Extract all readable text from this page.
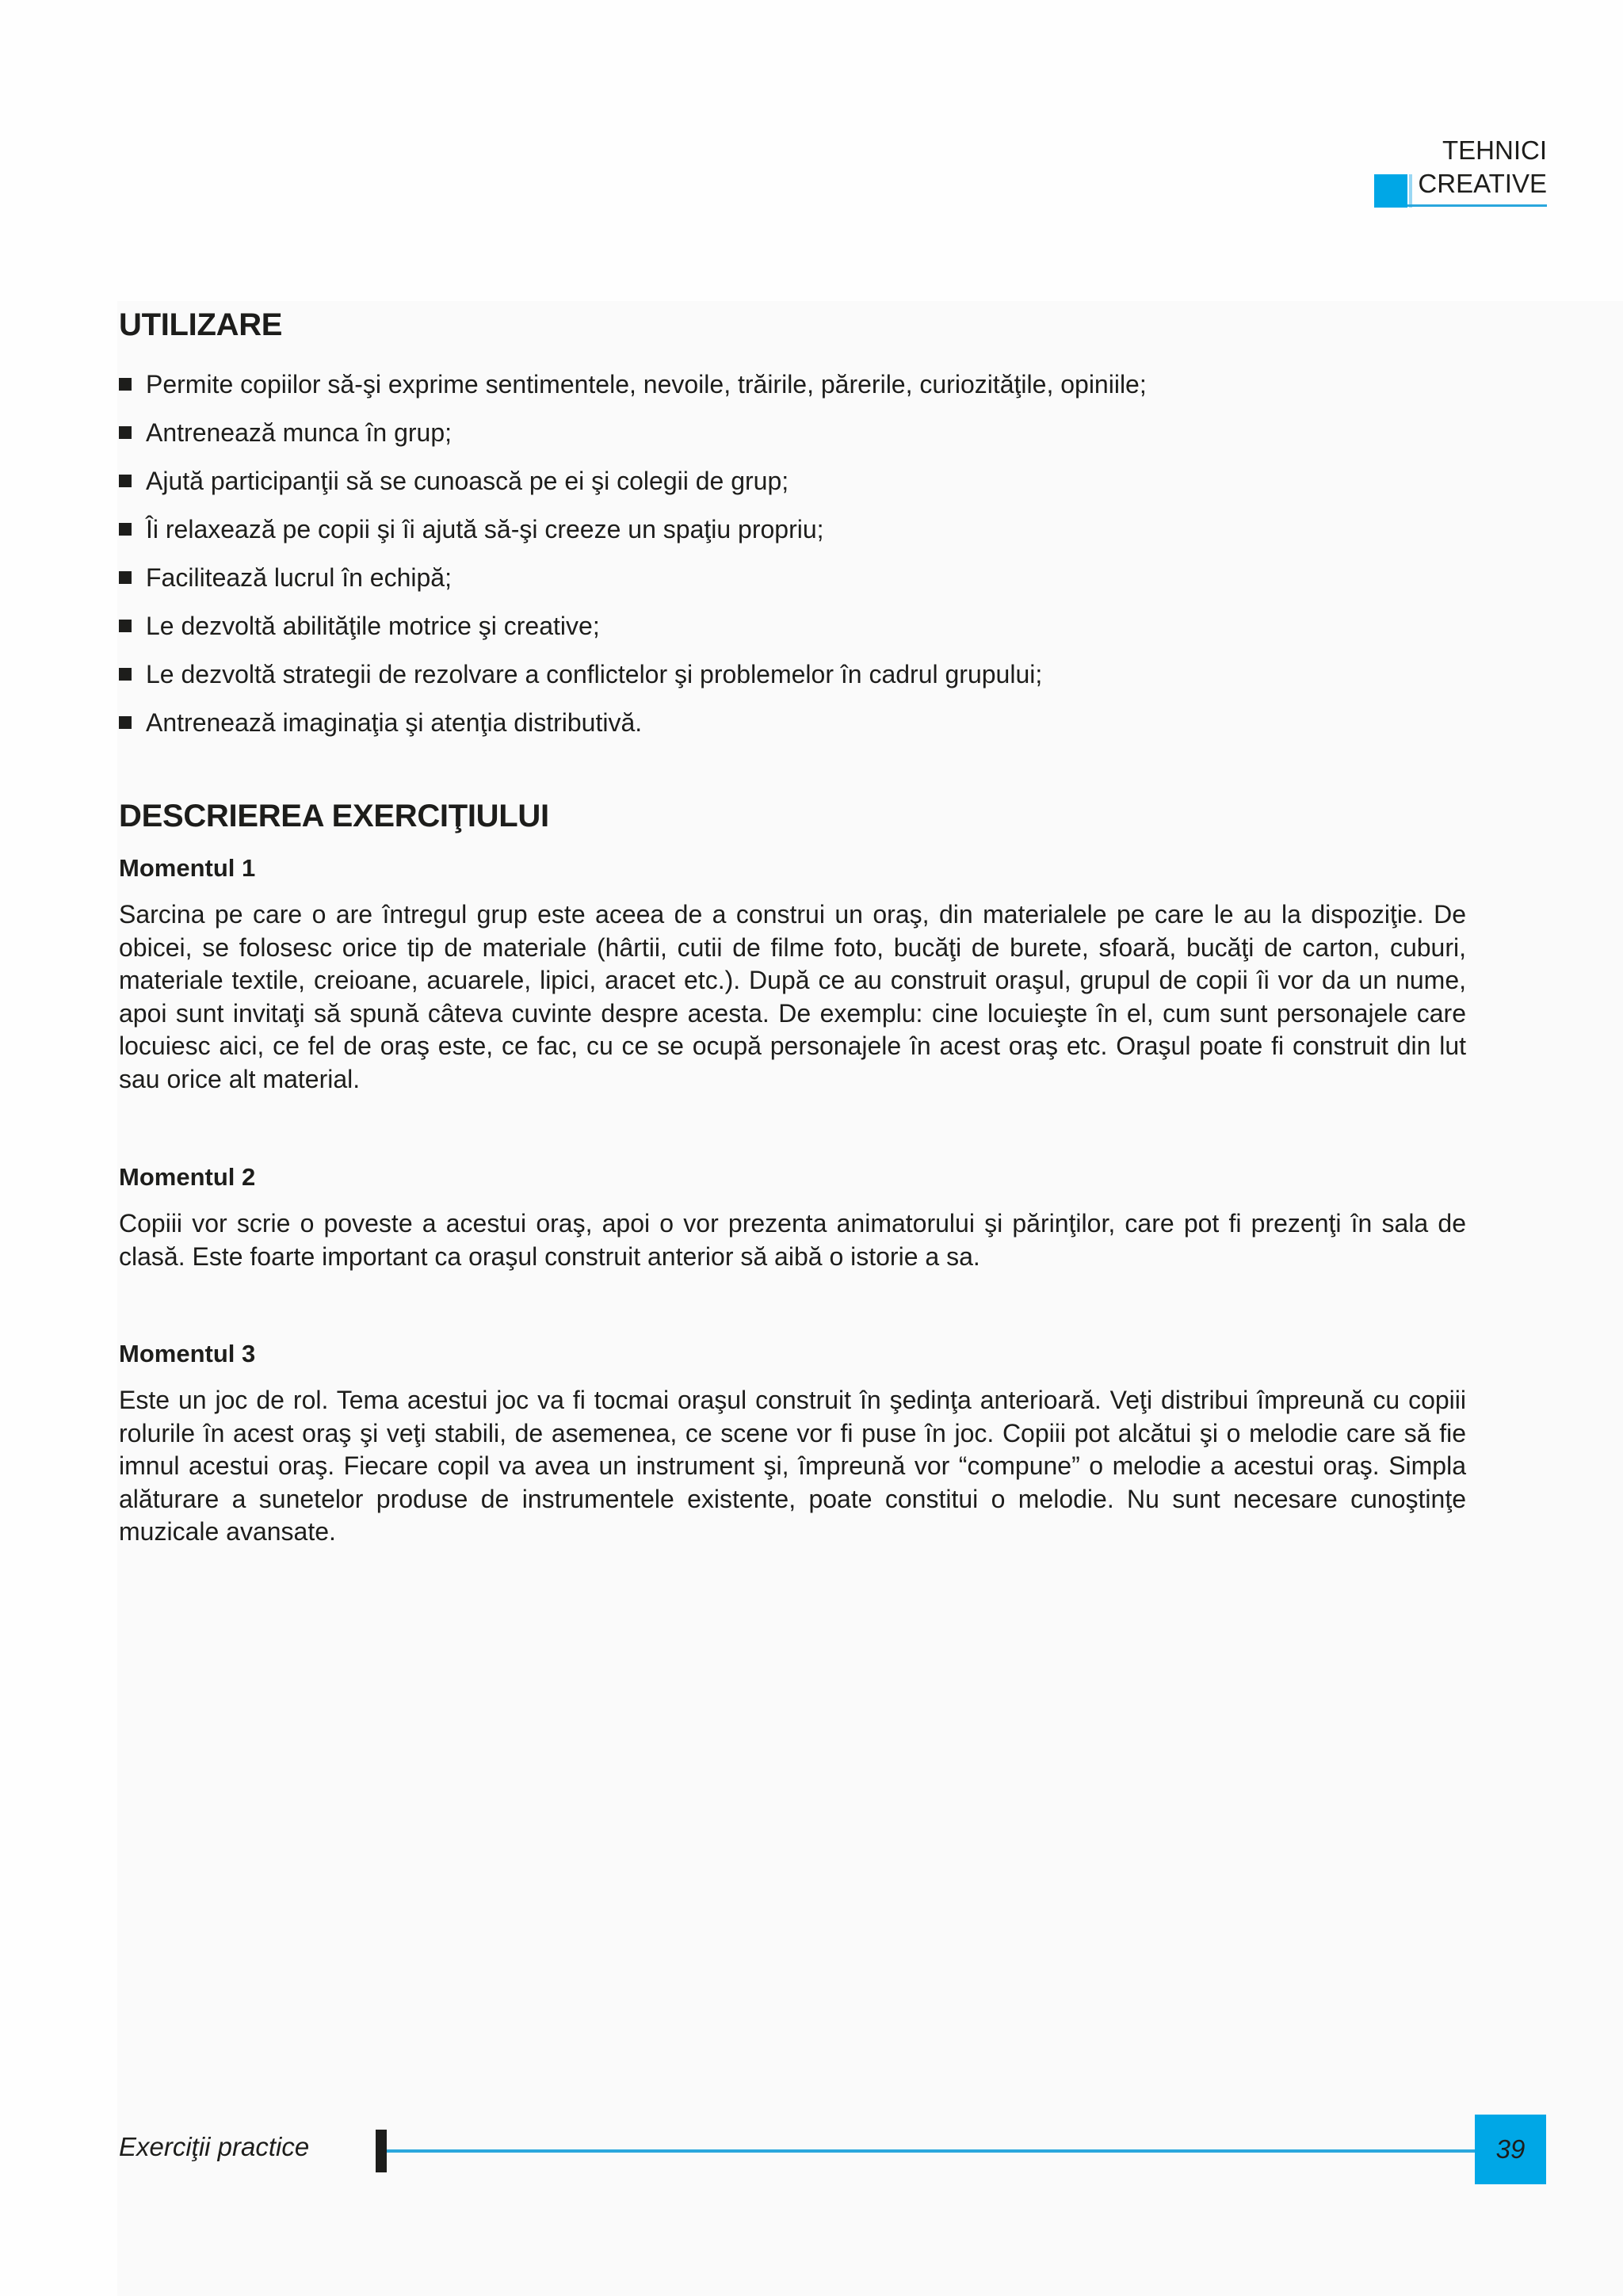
TEHNICI
CREATIVE
UTILIZARE
Permite copiilor să-şi exprime sentimentele, nevoile, trăirile, părerile, curiozităţile, opiniile;
Antrenează munca în grup;
Ajută participanţii să se cunoască pe ei şi colegii de grup;
Îi relaxează pe copii şi îi ajută să-şi creeze un spaţiu propriu;
Facilitează lucrul în echipă;
Le dezvoltă abilităţile motrice şi creative;
Le dezvoltă strategii de rezolvare a conflictelor şi problemelor în cadrul grupului;
Antrenează imaginaţia şi atenţia distributivă.
DESCRIEREA EXERCIŢIULUI
Momentul 1

Sarcina pe care o are întregul grup este aceea de a construi un oraş, din materialele pe care le au la dispoziţie. De obicei, se folosesc orice tip de materiale (hârtii, cutii de filme foto, bucăţi de burete, sfoară, bucăţi de carton, cuburi, materiale textile, creioane, acuarele, lipici, aracet etc.). După ce au construit oraşul, grupul de copii îi vor da un nume, apoi sunt invitaţi să spună câteva cuvinte despre acesta. De exemplu: cine locuieşte în el, cum sunt personajele care locuiesc aici, ce fel de oraş este, ce fac, cu ce se ocupă personajele în acest oraş etc. Oraşul poate fi construit din lut sau orice alt material.

Momentul 2

Copiii vor scrie o poveste a acestui oraş, apoi o vor prezenta animatorului şi părinţilor, care pot fi prezenţi în sala de clasă. Este foarte important ca oraşul construit anterior să aibă o istorie a sa.

Momentul 3

Este un joc de rol. Tema acestui joc va fi tocmai oraşul construit în şedinţa anterioară. Veţi distribui împreună cu copiii rolurile în acest oraş şi veţi stabili, de asemenea, ce scene vor fi puse în joc. Copiii pot alcătui şi o melodie care să fie imnul acestui oraş. Fiecare copil va avea un instrument şi, împreună vor “compune” o melodie a acestui oraş. Simpla alăturare a sunetelor produse de instrumentele existente, poate constitui o melodie. Nu sunt necesare cunoştinţe muzicale avansate.

Exerciţii practice	39
